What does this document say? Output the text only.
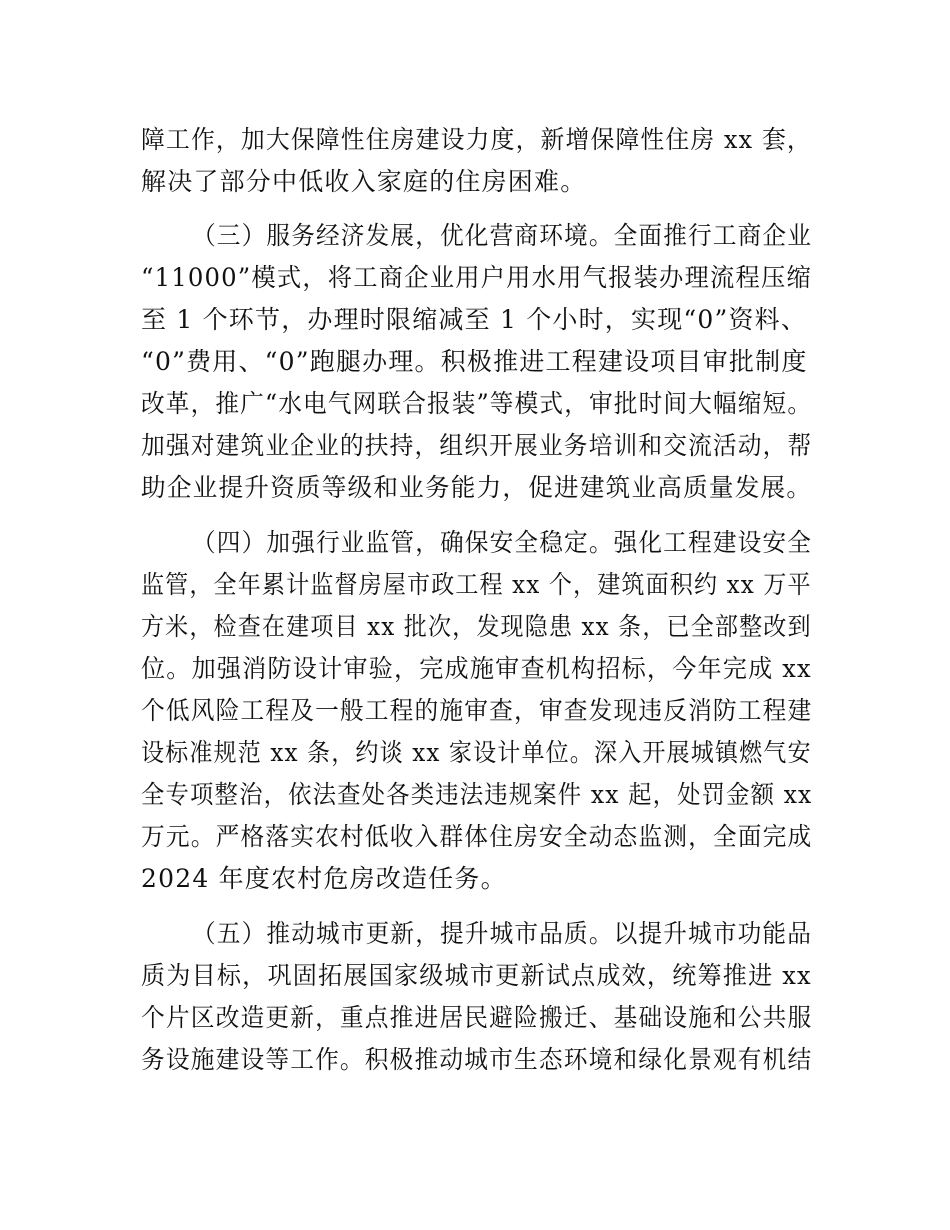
障工作，加大保障性住房建设力度，新增保障性住房 xx 套，

解决了部分中低收入家庭的住房困难。

（三）服务经济发展，优化营商环境。全面推行工商企业

“11000”模式，将工商企业用户用水用气报装办理流程压缩

至 1 个环节，办理时限缩减至 1 个小时，实现“0”资料、

“0”费用、“0”跑腿办理。积极推进工程建设项目审批制度

改革，推广“水电气网联合报装”等模式，审批时间大幅缩短。

加强对建筑业企业的扶持，组织开展业务培训和交流活动，帮

助企业提升资质等级和业务能力，促进建筑业高质量发展。

（四）加强行业监管，确保安全稳定。强化工程建设安全

监管，全年累计监督房屋市政工程 xx 个，建筑面积约 xx 万平

方米，检查在建项目 xx 批次，发现隐患 xx 条，已全部整改到

位。加强消防设计审验，完成施审查机构招标，今年完成 xx

个低风险工程及一般工程的施审查，审查发现违反消防工程建

设标准规范 xx 条，约谈 xx 家设计单位。深入开展城镇燃气安

全专项整治，依法查处各类违法违规案件 xx 起，处罚金额 xx

万元。严格落实农村低收入群体住房安全动态监测，全面完成

2024 年度农村危房改造任务。

（五）推动城市更新，提升城市品质。以提升城市功能品

质为目标，巩固拓展国家级城市更新试点成效，统筹推进 xx

个片区改造更新，重点推进居民避险搬迁、基础设施和公共服

务设施建设等工作。积极推动城市生态环境和绿化景观有机结
